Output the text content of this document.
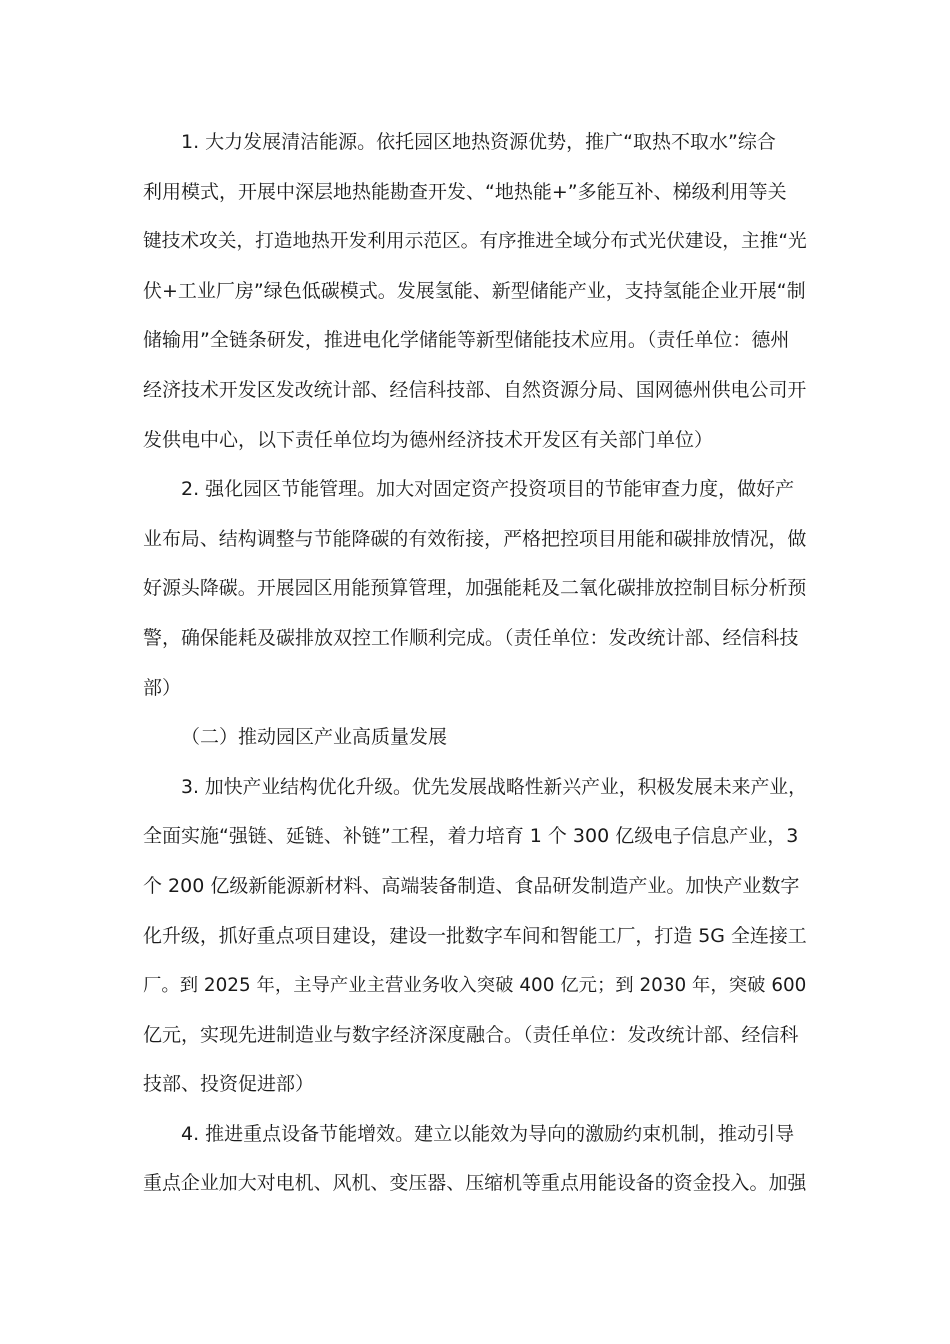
1. 大力发展清洁能源。依托园区地热资源优势，推广“取热不取水”综合
利用模式，开展中深层地热能勘查开发、“地热能+”多能互补、梯级利用等关
键技术攻关，打造地热开发利用示范区。有序推进全域分布式光伏建设，主推“光
伏+工业厂房”绿色低碳模式。发展氢能、新型储能产业，支持氢能企业开展“制
储输用”全链条研发，推进电化学储能等新型储能技术应用。（责任单位：德州
经济技术开发区发改统计部、经信科技部、自然资源分局、国网德州供电公司开
发供电中心，以下责任单位均为德州经济技术开发区有关部门单位）
2. 强化园区节能管理。加大对固定资产投资项目的节能审查力度，做好产
业布局、结构调整与节能降碳的有效衔接，严格把控项目用能和碳排放情况，做
好源头降碳。开展园区用能预算管理，加强能耗及二氧化碳排放控制目标分析预
警，确保能耗及碳排放双控工作顺利完成。（责任单位：发改统计部、经信科技
部）
（二）推动园区产业高质量发展
3. 加快产业结构优化升级。优先发展战略性新兴产业，积极发展未来产业，
全面实施“强链、延链、补链”工程，着力培育 1 个 300 亿级电子信息产业，3
个 200 亿级新能源新材料、高端装备制造、食品研发制造产业。加快产业数字
化升级，抓好重点项目建设，建设一批数字车间和智能工厂，打造 5G 全连接工
厂。到 2025 年，主导产业主营业务收入突破 400 亿元；到 2030 年，突破 600
亿元，实现先进制造业与数字经济深度融合。（责任单位：发改统计部、经信科
技部、投资促进部）
4. 推进重点设备节能增效。建立以能效为导向的激励约束机制，推动引导
重点企业加大对电机、风机、变压器、压缩机等重点用能设备的资金投入。加强
